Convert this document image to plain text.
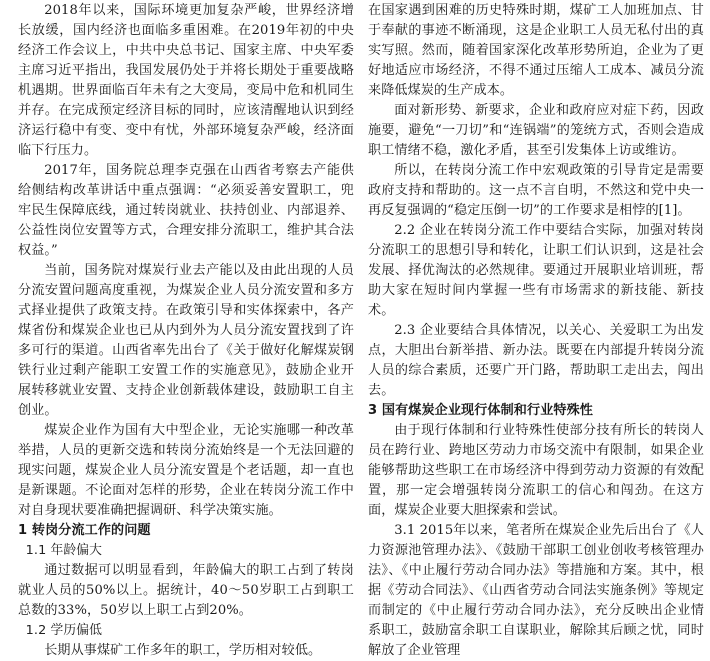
2018年以来，国际环境更加复杂严峻，世界经济增长放缓，国内经济也面临多重困难。在2019年初的中央经济工作会议上，中共中央总书记、国家主席、中央军委主席习近平指出，我国发展仍处于并将长期处于重要战略机遇期。世界面临百年未有之大变局，变局中危和机同生并存。在完成预定经济目标的同时，应该清醒地认识到经济运行稳中有变、变中有忧，外部环境复杂严峻，经济面临下行压力。

2017年，国务院总理李克强在山西省考察去产能供给侧结构改革讲话中重点强调：“必须妥善安置职工，兜牢民生保障底线，通过转岗就业、扶持创业、内部退养、公益性岗位安置等方式，合理安排分流职工，维护其合法权益。”

当前，国务院对煤炭行业去产能以及由此出现的人员分流安置问题高度重视，为煤炭企业人员分流安置和多方式择业提供了政策支持。在政策引导和实体探索中，各产煤省份和煤炭企业也已从内到外为人员分流安置找到了许多可行的渠道。山西省率先出台了《关于做好化解煤炭钢铁行业过剩产能职工安置工作的实施意见》，鼓励企业开展转移就业安置、支持企业创新载体建设，鼓励职工自主创业。

煤炭企业作为国有大中型企业，无论实施哪一种改革举措，人员的更新交选和转岗分流始终是一个无法回避的现实问题，煤炭企业人员分流安置是个老话题，却一直也是新课题。不论面对怎样的形势，企业在转岗分流工作中对自身现状要准确把握调研、科学决策实施。

1 转岗分流工作的问题

1.1 年龄偏大

通过数据可以明显看到，年龄偏大的职工占到了转岗就业人员的50%以上。据统计，40～50岁职工占到职工总数的33%，50岁以上职工占到20%。

1.2 学历偏低

长期从事煤矿工作多年的职工，学历相对较低。

在国家遇到困难的历史特殊时期，煤矿工人加班加点、甘于奉献的事迹不断涌现，这是企业职工人员无私付出的真实写照。然而，随着国家深化改革形势所迫，企业为了更好地适应市场经济，不得不通过压缩人工成本、减员分流来降低煤炭的生产成本。

面对新形势、新要求，企业和政府应对症下药，因政施要，避免“一刀切”和“连锅端”的笼统方式，否则会造成职工情绪不稳，激化矛盾，甚至引发集体上访或维访。

所以，在转岗分流工作中宏观政策的引导肯定是需要政府支持和帮助的。这一点不言自明，不然这和党中央一再反复强调的“稳定压倒一切”的工作要求是相悖的[1]。

2.2 企业在转岗分流工作中要结合实际，加强对转岗分流职工的思想引导和转化，让职工们认识到，这是社会发展、择优淘汰的必然规律。要通过开展职业培训班，帮助大家在短时间内掌握一些有市场需求的新技能、新技术。

2.3 企业要结合具体情况，以关心、关爱职工为出发点，大胆出台新举措、新办法。既要在内部提升转岗分流人员的综合素质，还要广开门路，帮助职工走出去，闯出去。

3 国有煤炭企业现行体制和行业特殊性

由于现行体制和行业特殊性使部分技有所长的转岗人员在跨行业、跨地区劳动力市场交流中有限制，如果企业能够帮助这些职工在市场经济中得到劳动力资源的有效配置，那一定会增强转岗分流职工的信心和闯劲。在这方面，煤炭企业要大胆探索和尝试。

3.1 2015年以来，笔者所在煤炭企业先后出台了《人力资源池管理办法》、《鼓励干部职工创业创收考核管理办法》、《中止履行劳动合同办法》等措施和方案。其中，根据《劳动合同法》、《山西省劳动合同法实施条例》等规定而制定的《中止履行劳动合同办法》，充分反映出企业情系职工，鼓励富余职工自谋职业，解除其后顾之忧，同时解放了企业管理
